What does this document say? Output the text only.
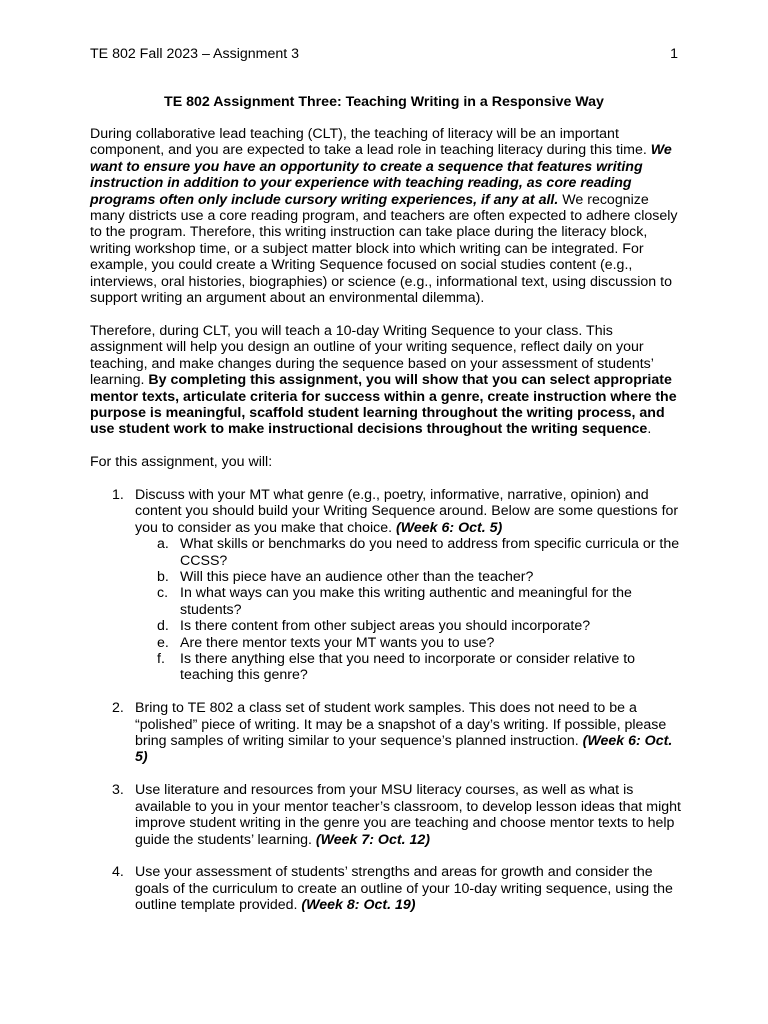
TE 802 Fall 2023 – Assignment 3	1
TE 802 Assignment Three: Teaching Writing in a Responsive Way
During collaborative lead teaching (CLT), the teaching of literacy will be an important component, and you are expected to take a lead role in teaching literacy during this time. We want to ensure you have an opportunity to create a sequence that features writing instruction in addition to your experience with teaching reading, as core reading programs often only include cursory writing experiences, if any at all. We recognize many districts use a core reading program, and teachers are often expected to adhere closely to the program. Therefore, this writing instruction can take place during the literacy block, writing workshop time, or a subject matter block into which writing can be integrated. For example, you could create a Writing Sequence focused on social studies content (e.g., interviews, oral histories, biographies) or science (e.g., informational text, using discussion to support writing an argument about an environmental dilemma).
Therefore, during CLT, you will teach a 10-day Writing Sequence to your class. This assignment will help you design an outline of your writing sequence, reflect daily on your teaching, and make changes during the sequence based on your assessment of students’ learning. By completing this assignment, you will show that you can select appropriate mentor texts, articulate criteria for success within a genre, create instruction where the purpose is meaningful, scaffold student learning throughout the writing process, and use student work to make instructional decisions throughout the writing sequence.
For this assignment, you will:
1. Discuss with your MT what genre (e.g., poetry, informative, narrative, opinion) and content you should build your Writing Sequence around. Below are some questions for you to consider as you make that choice. (Week 6: Oct. 5)
a. What skills or benchmarks do you need to address from specific curricula or the CCSS?
b. Will this piece have an audience other than the teacher?
c. In what ways can you make this writing authentic and meaningful for the students?
d. Is there content from other subject areas you should incorporate?
e. Are there mentor texts your MT wants you to use?
f. Is there anything else that you need to incorporate or consider relative to teaching this genre?
2. Bring to TE 802 a class set of student work samples. This does not need to be a “polished” piece of writing. It may be a snapshot of a day’s writing. If possible, please bring samples of writing similar to your sequence’s planned instruction. (Week 6: Oct. 5)
3. Use literature and resources from your MSU literacy courses, as well as what is available to you in your mentor teacher’s classroom, to develop lesson ideas that might improve student writing in the genre you are teaching and choose mentor texts to help guide the students’ learning. (Week 7: Oct. 12)
4. Use your assessment of students’ strengths and areas for growth and consider the goals of the curriculum to create an outline of your 10-day writing sequence, using the outline template provided. (Week 8: Oct. 19)
